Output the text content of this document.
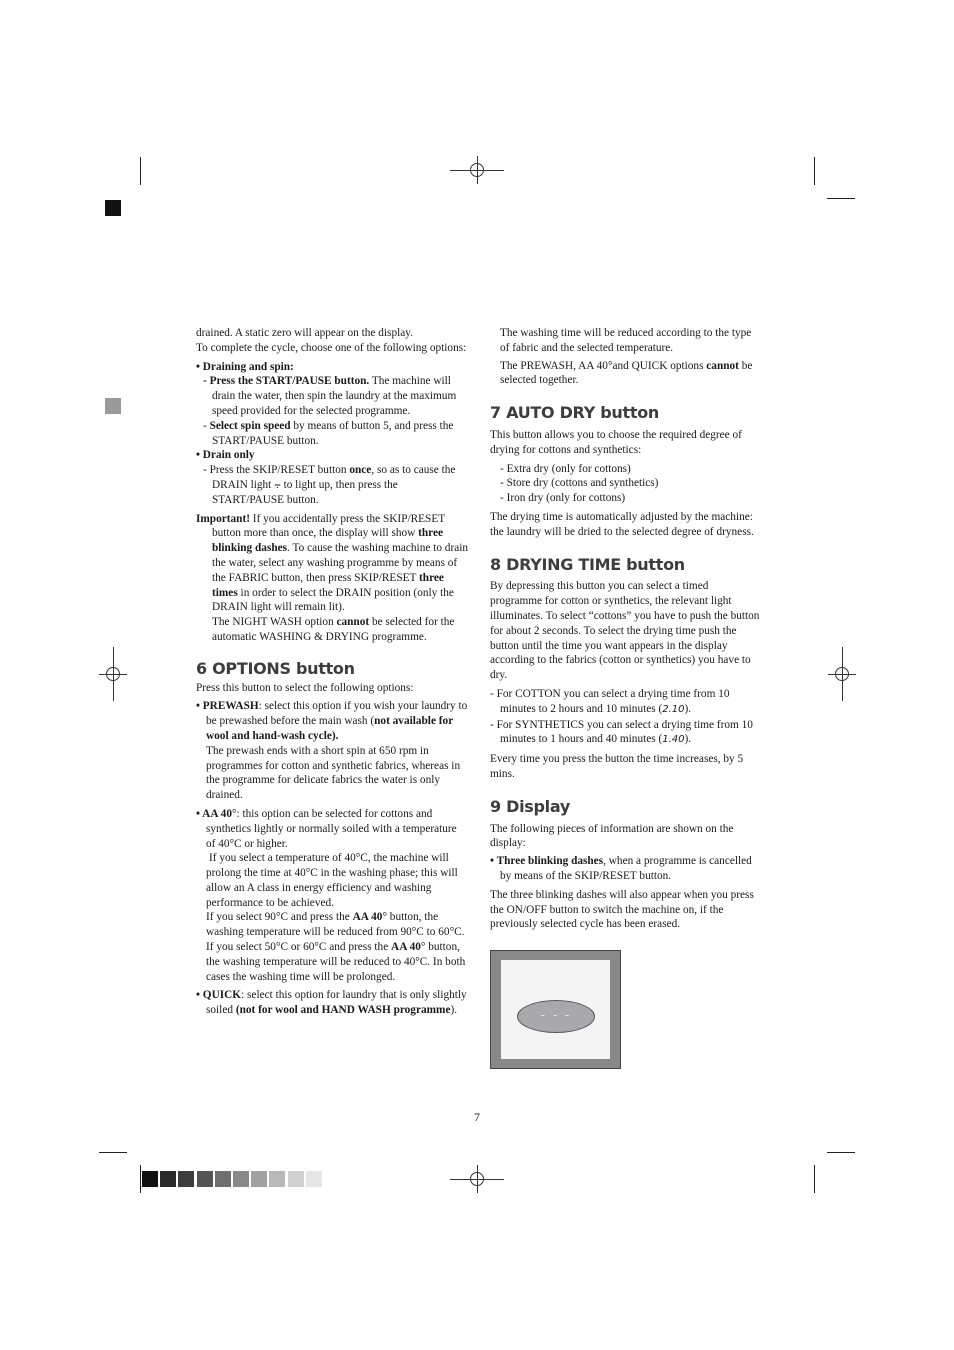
drained. A static zero will appear on the display.

To complete the cycle, choose one of the following options:

• Draining and spin:

- Press the START/PAUSE button. The machine will drain the water, then spin the laundry at the maximum speed provided for the selected programme.

- Select spin speed by means of button 5, and press the START/PAUSE button.

• Drain only

- Press the SKIP/RESET button once, so as to cause the DRAIN light ⨪ to light up, then press the START/PAUSE button.

Important! If you accidentally press the SKIP/RESET button more than once, the display will show three blinking dashes. To cause the washing machine to drain the water, select any washing programme by means of the FABRIC button, then press SKIP/RESET three times in order to select the DRAIN position (only the DRAIN light will remain lit).

The NIGHT WASH option cannot be selected for the automatic WASHING & DRYING programme.

6 OPTIONS button

Press this button to select the following options:

• PREWASH: select this option if you wish your laundry to be prewashed before the main wash (not available for wool and hand-wash cycle).

The prewash ends with a short spin at 650 rpm in programmes for cotton and synthetic fabrics, whereas in the programme for delicate fabrics the water is only drained.

• AA 40°: this option can be selected for cottons and synthetics lightly or normally soiled with a temperature of 40°C or higher.

If you select a temperature of 40°C, the machine will prolong the time at 40°C in the washing phase; this will allow an A class in energy efficiency and washing performance to be achieved.

If you select 90°C and press the AA 40° button, the washing temperature will be reduced from 90°C to 60°C.

If you select 50°C or 60°C and press the AA 40° button, the washing temperature will be reduced to 40°C. In both cases the washing time will be prolonged.

• QUICK: select this option for laundry that is only slightly soiled (not for wool and HAND WASH programme).

The washing time will be reduced according to the type of fabric and the selected temperature.

The PREWASH, AA 40°and QUICK options cannot be selected together.

7 AUTO DRY button

This button allows you to choose the required degree of drying for cottons and synthetics:

- Extra dry (only for cottons)

- Store dry (cottons and synthetics)

- Iron dry (only for cottons)

The drying time is automatically adjusted by the machine: the laundry will be dried to the selected degree of dryness.

8 DRYING TIME button

By depressing this button you can select a timed programme for cotton or synthetics, the relevant light illuminates. To select “cottons” you have to push the button for about 2 seconds. To select the drying time push the button until the time you want appears in the display according to the fabrics (cotton or synthetics) you have to dry.

- For COTTON you can select a drying time from 10 minutes to 2 hours and 10 minutes (2.10).

- For SYNTHETICS you can select a drying time from 10 minutes to 1 hours and 40 minutes (1.40).

Every time you press the button the time increases, by 5 mins.

9 Display

The following pieces of information are shown on the display:

• Three blinking dashes, when a programme is cancelled by means of the SKIP/RESET button.

The three blinking dashes will also appear when you press the ON/OFF button to switch the machine on, if the previously selected cycle has been erased.

- - -
7
